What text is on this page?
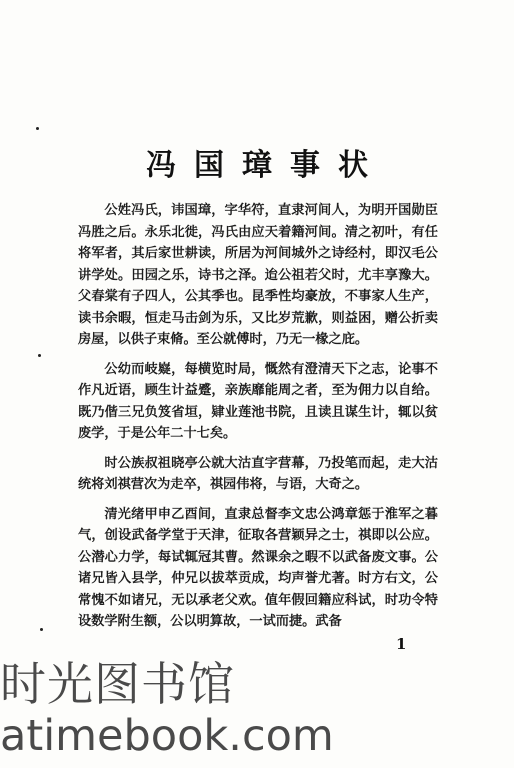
冯国璋事状

公姓冯氏，讳国璋，字华符，直隶河间人，为明开国勋臣冯胜之后。永乐北徙，冯氏由应天着籍河间。清之初叶，有任将军者，其后家世耕读，所居为河间城外之诗经村，即汉毛公讲学处。田园之乐，诗书之泽。迨公祖若父时，尤丰享豫大。父春棠有子四人，公其季也。昆季性均豪放，不事家人生产，读书余暇，恒走马击剑为乐，又比岁荒歉，则益困，赠公折卖房屋，以供子束脩。至公就傅时，乃无一椽之庇。

公幼而岐嶷，每横览时局，慨然有澄清天下之志，论事不作凡近语，顾生计益蹙，亲族靡能周之者，至为佣力以自给。既乃偕三兄负笈省垣，肄业莲池书院，且读且谋生计，辄以贫废学，于是公年二十七矣。

时公族叔祖晓亭公就大沽直字营幕，乃投笔而起，走大沽统将刘祺营次为走卒，祺园伟将，与语，大奇之。

清光绪甲申乙酉间，直隶总督李文忠公鸿章惩于淮军之暮气，创设武备学堂于天津，征取各营颖异之士，祺即以公应。公潜心力学，每试辄冠其曹。然课余之暇不以武备废文事。公诸兄皆入县学，仲兄以拔萃贡成，均声誉尤著。时方右文，公常愧不如诸兄，无以承老父欢。值年假回籍应科试，时功令特设数学附生额，公以明算故，一试而捷。武备

1
时光图书馆
atimebook.com
